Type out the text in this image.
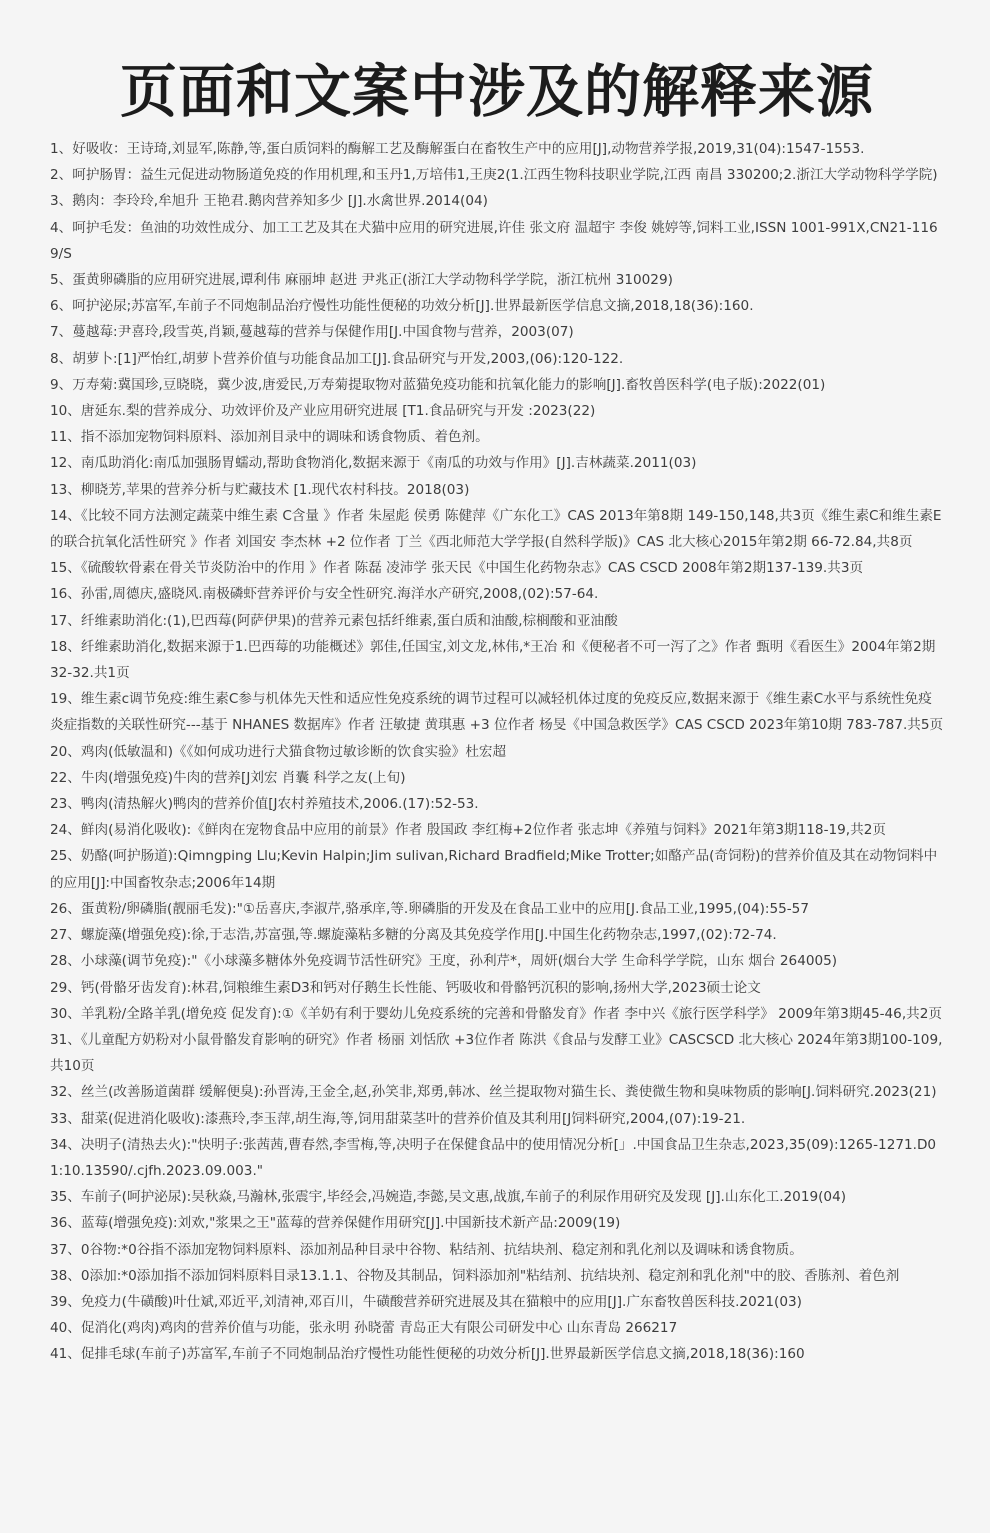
页面和文案中涉及的解释来源
1、好吸收：王诗琦,刘显军,陈静,等,蛋白质饲料的酶解工艺及酶解蛋白在畜牧生产中的应用[J],动物营养学报,2019,31(04):1547-1553.
2、呵护肠胃：益生元促进动物肠道免疫的作用机理,和玉丹1,万培伟1,王庚2(1.江西生物科技职业学院,江西 南昌 330200;2.浙江大学动物科学学院)
3、鹅肉：李玲玲,牟旭升 王艳君.鹅肉营养知多少 [J].水禽世界.2014(04)
4、呵护毛发：鱼油的功效性成分、加工工艺及其在犬猫中应用的研究进展,许佳 张文府 温超宇 李俊 姚婷等,饲料工业,ISSN 1001-991X,CN21-1169/S
5、蛋黄卵磷脂的应用研究进展,谭利伟 麻丽坤 赵进 尹兆正(浙江大学动物科学学院，浙江杭州 310029)
6、呵护泌尿;苏富军,车前子不同炮制品治疗慢性功能性便秘的功效分析[J].世界最新医学信息文摘,2018,18(36):160.
7、蔓越莓:尹喜玲,段雪英,肖颖,蔓越莓的营养与保健作用[J.中国食物与营养，2003(07)
8、胡萝卜:[1]严怡红,胡萝卜营养价值与功能食品加工[J].食品研究与开发,2003,(06):120-122.
9、万寿菊:冀国珍,豆晓晓，冀少波,唐爱民,万寿菊提取物对蓝猫免疫功能和抗氧化能力的影响[J].畜牧兽医科学(电子版):2022(01)
10、唐延东.梨的营养成分、功效评价及产业应用研究进展 [T1.食品研究与开发 :2023(22)
11、指不添加宠物饲料原料、添加剂目录中的调味和诱食物质、着色剂。
12、南瓜助消化:南瓜加强肠胃蠕动,帮助食物消化,数据来源于《南瓜的功效与作用》[J].吉林蔬菜.2011(03)
13、柳晓芳,苹果的营养分析与贮藏技术 [1.现代农村科技。2018(03)
14、《比较不同方法测定蔬菜中维生素 C含量 》作者 朱屋彪 侯勇 陈健萍《广东化工》CAS 2013年第8期 149-150,148,共3页《维生素C和维生素E的联合抗氧化活性研究 》作者 刘国安 李杰林 +2 位作者 丁兰《西北师范大学学报(自然科学版)》CAS 北大核心2015年第2期 66-72.84,共8页
15、《硫酸软骨素在骨关节炎防治中的作用 》作者 陈磊 凌沛学 张天民《中国生化药物杂志》CAS CSCD 2008年第2期137-139.共3页
16、孙雷,周德庆,盛晓风.南极磷虾营养评价与安全性研究.海洋水产研究,2008,(02):57-64.
17、纤维素助消化:(1),巴西莓(阿萨伊果)的营养元素包括纤维素,蛋白质和油酸,棕榈酸和亚油酸
18、纤维素助消化,数据来源于1.巴西莓的功能概述》郭佳,任国宝,刘文龙,林伟,*王冶 和《便秘者不可一泻了之》作者 甄明《看医生》2004年第2期32-32.共1页
19、维生素c调节免疫:维生素C参与机体先天性和适应性免疫系统的调节过程可以减轻机体过度的免疫反应,数据来源于《维生素C水平与系统性免疫炎症指数的关联性研究---基于 NHANES 数据库》作者 汪敏捷 黄琪惠 +3 位作者 杨旻《中国急救医学》CAS CSCD 2023年第10期 783-787.共5页
20、鸡肉(低敏温和)《《如何成功进行犬猫食物过敏诊断的饮食实验》杜宏超
22、牛肉(增强免疫)牛肉的营养[J刘宏 肖囊 科学之友(上旬)
23、鸭肉(清热解火)鸭肉的营养价值[J农村养殖技术,2006.(17):52-53.
24、鲜肉(易消化吸收):《鲜肉在宠物食品中应用的前景》作者 殷国政 李红梅+2位作者 张志坤《养殖与饲料》2021年第3期118-19,共2页
25、奶酪(呵护肠道):Qimngping Llu;Kevin Halpin;Jim sulivan,Richard Bradfield;Mike Trotter;如酪产品(奇饲粉)的营养价值及其在动物饲料中的应用[J]:中国畜牧杂志;2006年14期
26、蛋黄粉/卵磷脂(靓丽毛发):"①岳喜庆,李淑芹,骆承庠,等.卵磷脂的开发及在食品工业中的应用[J.食品工业,1995,(04):55-57
27、螺旋藻(增强免疫):徐,于志浩,苏富强,等.螺旋藻粘多糖的分离及其免疫学作用[J.中国生化药物杂志,1997,(02):72-74.
28、小球藻(调节免疫):"《小球藻多糖体外免疫调节活性研究》王度，孙利芹*，周妍(烟台大学 生命科学学院，山东 烟台 264005)
29、钙(骨骼牙齿发育):林君,饲粮维生素D3和钙对仔鹅生长性能、钙吸收和骨骼钙沉积的影响,扬州大学,2023硕士论文
30、羊乳粉/全路羊乳(增免疫 促发育):①《羊奶有利于婴幼儿免疫系统的完善和骨骼发育》作者 李中兴《旅行医学科学》 2009年第3期45-46,共2页
31、《儿童配方奶粉对小鼠骨骼发育影响的研究》作者 杨丽 刘恬欣 +3位作者 陈洪《食品与发酵工业》CASCSCD 北大核心 2024年第3期100-109,共10页
32、丝兰(改善肠道菌群 缓解便臭):孙晋涛,王金全,赵,孙笑非,郑勇,韩冰、丝兰提取物对猫生长、粪使微生物和臭味物质的影响[J.饲料研究.2023(21)
33、甜菜(促进消化吸收):漆燕玲,李玉萍,胡生海,等,饲用甜菜茎叶的营养价值及其利用[J饲料研究,2004,(07):19-21.
34、决明子(清热去火):"快明子:张茜茜,曹春然,李雪梅,等,决明子在保健食品中的使用情况分析[」.中国食品卫生杂志,2023,35(09):1265-1271.D01:10.13590/.cjfh.2023.09.003."
35、车前子(呵护泌尿):吴秋焱,马瀚林,张震宇,毕经会,冯婉造,李懿,吴文惠,战旗,车前子的利尿作用研究及发现 [J].山东化工.2019(04)
36、蓝莓(增强免疫):刘欢,"浆果之王"蓝莓的营养保健作用研究[J].中国新技术新产品:2009(19)
37、0谷物:*0谷指不添加宠物饲料原料、添加剂品种目录中谷物、粘结剂、抗结块剂、稳定剂和乳化剂以及调味和诱食物质。
38、0添加:*0添加指不添加饲料原料目录13.1.1、谷物及其制品，饲料添加剂"粘结剂、抗结块剂、稳定剂和乳化剂"中的胶、香胨剂、着色剂
39、免疫力(牛磺酸)叶仕斌,邓近平,刘清神,邓百川，牛磺酸营养研究进展及其在猫粮中的应用[J].广东畜牧兽医科技.2021(03)
40、促消化(鸡肉)鸡肉的营养价值与功能，张永明 孙晓蕾 青岛正大有限公司研发中心 山东青岛 266217
41、促排毛球(车前子)苏富军,车前子不同炮制品治疗慢性功能性便秘的功效分析[J].世界最新医学信息文摘,2018,18(36):160
